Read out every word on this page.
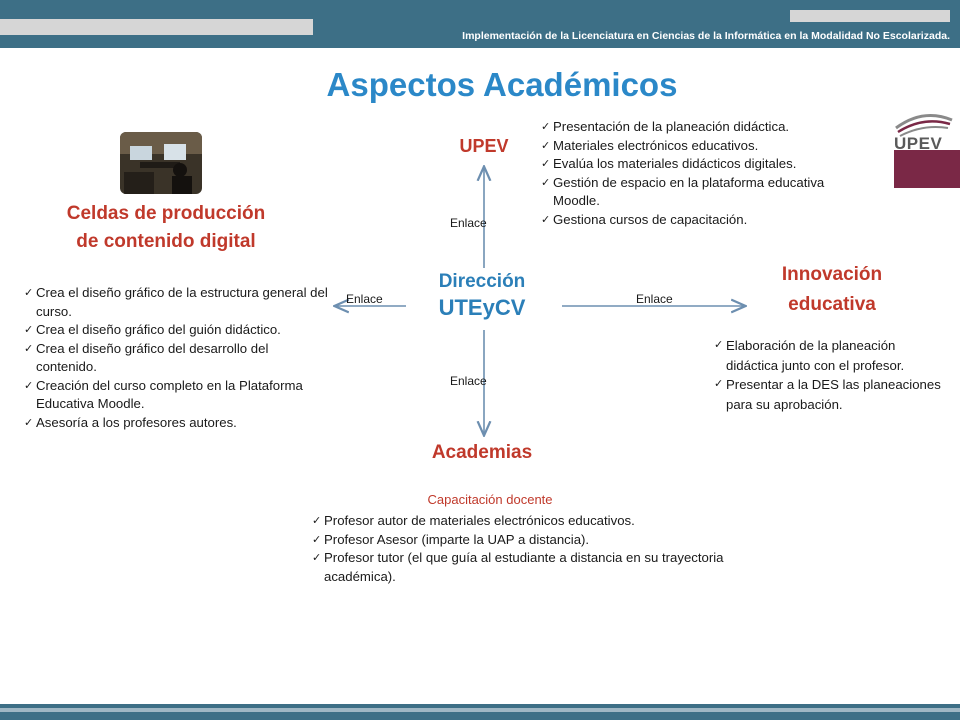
Implementación de la Licenciatura en Ciencias de la Informática en la Modalidad No Escolarizada.
Aspectos Académicos
UPEV
Enlace
Enlace	Enlace
Enlace
Dirección
UTEyCV
UPEV
✓ Presentación de la planeación didáctica.
✓ Materiales electrónicos educativos.
✓ Evalúa los materiales didácticos digitales.
✓ Gestión de espacio en la plataforma educativa Moodle.
✓ Gestiona cursos de capacitación.
Celdas de producción
de contenido digital
✓ Crea el diseño gráfico de la estructura general del curso.
✓ Crea el diseño gráfico del guión didáctico.
✓ Crea el diseño gráfico del desarrollo del contenido.
✓ Creación del curso completo en la Plataforma Educativa Moodle.
✓ Asesoría a los profesores autores.
Innovación
educativa
✓ Elaboración de la planeación didáctica junto con el profesor.
✓ Presentar a la DES las planeaciones para su aprobación.
Academias
Capacitación docente
✓ Profesor autor de materiales electrónicos educativos.
✓ Profesor Asesor (imparte la UAP a distancia).
✓ Profesor tutor (el que guía al estudiante a distancia en su trayectoria académica).
